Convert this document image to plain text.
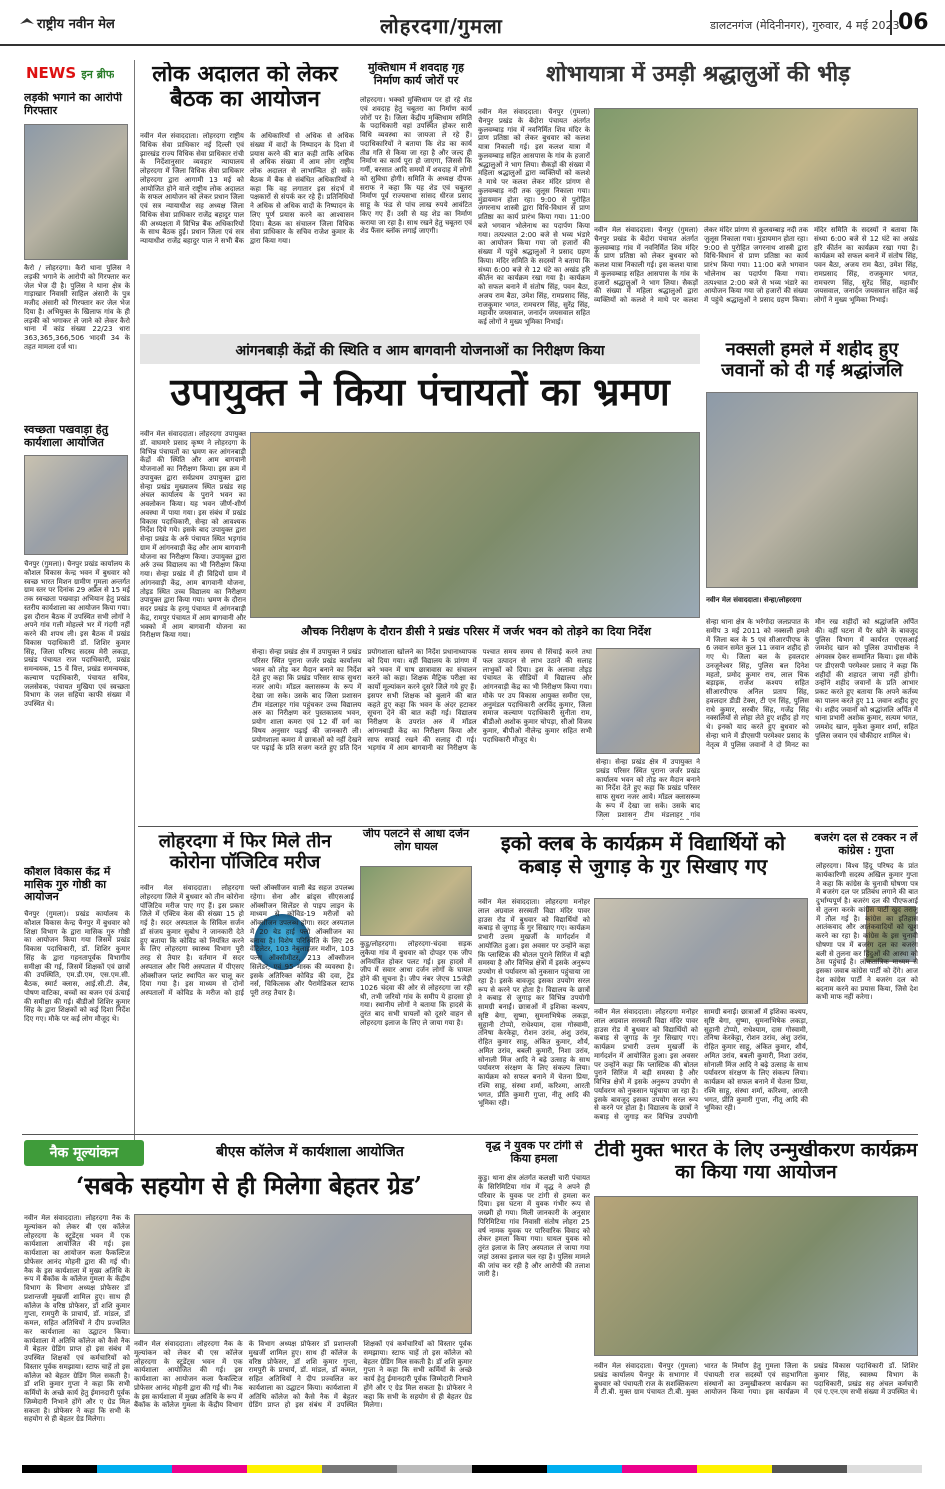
राष्ट्रीय नवीन मेल	लोहरदगा/गुमला	डालटनगंज (मेदिनीनगर), गुरुवार, 4 मई 2023
06
NEWS इन ब्रीफ
लड़की भगाने का आरोपी गिरफ्तार
कैरो / लोहरदगा। कैरो थाना पुलिस ने लड़की भगाने के आरोपी को गिरफ्तार कर जेल भेज दी है। पुलिस ने थाना क्षेत्र के गाड़ाखार निवासी साहिल अंसारी के पुत्र मजीद अंसारी को गिरफ्तार कर जेल भेज दिया है। अभियुक्त के खिलाफ गांव के ही लड़की को भगाकर ले जाने को लेकर कैरो थाना में कांड संख्या 22/23 धारा 363,365,366,506 भादवी 34 के तहत मामला दर्ज था।
स्वच्छता पखवाड़ा हेतु कार्यशाला आयोजित
चैनपुर (गुमला)। चैनपुर प्रखंड कार्यालय के कौशल विकास केन्द्र भवन में बुधवार को स्वच्छ भारत मिशन ग्रामीण गुमला अन्तर्गत ग्राम स्तर पर दिनांक 29 अप्रैल से 15 मई तक स्वच्छता पखवाड़ा अभियान हेतु प्रखंड स्तरीय कार्यशाला का आयोजन किया गया। इस दौरान बैठक में उपस्थित सभी लोगों ने अपने गांव गली मोहल्ले भर में गंदगी नहीं करने की शपथ ली। इस बैठक में प्रखंड विकास पदाधिकारी डॉ. शिशिर कुमार सिंह, जिला परिषद सदस्य मेरी लकड़ा, प्रखंड पंचायत राज पदाधिकारी, प्रखंड समन्वयक, 15 वें वित्त, प्रखंड समन्वयक, कल्याण पदाधिकारी, पंचायत सचिव, जलसेवक, पंचायत मुखिया एवं स्वच्छता विभाग के जल सहिया काफी संख्या में उपस्थित थे।
कौशल विकास केंद्र में मासिक गुरु गोष्ठी का आयोजन
चैनपुर (गुमला)। प्रखंड कार्यालय के कौशल विकास केन्द्र चैनपुर में बुधवार को शिक्षा विभाग के द्वारा मासिक गुरु गोष्ठी का आयोजन किया गया जिसमें प्रखंड विकास पदाधिकारी, डॉ. शिशिर कुमार सिंह के द्वारा गहनतापूर्वक विभागीय समीक्षा की गई, जिसमें शिक्षकों एवं छात्रों की उपस्थिति, एम.डी.एम, एस.एम.सी. बैठक, स्मार्ट क्लास, आई.सी.टी. लैब, पोषण वाटिका, बच्चों का बजन एवं ऊंचाई की समीक्षा की गई। बीडीओ शिशिर कुमार सिंह के द्वारा शिक्षकों को कई दिशा निर्देश दिए गए। मौके पर कई लोग मौजूद थे।
लोक अदालत को लेकर बैठक का आयोजन
नवीन मेल संवाददाता। लोहरदगा राष्ट्रीय विधिक सेवा प्राधिकार नई दिल्ली एवं झारखंड राज्य विधिक सेवा प्राधिकार रांची के निर्देशानुसार व्यवहार न्यायालय लोहरदगा में जिला विधिक सेवा प्राधिकार लोहरदगा द्वारा आगामी 13 मई को आयोजित होने वाले राष्ट्रीय लोक अदालत के सफल आयोजन को लेकर प्रधान जिला एवं सत्र न्यायाधीश सह अध्यक्ष जिला विधिक सेवा प्राधिकार राजेंद्र बहादुर पाल की अध्यक्षता में विभिन्न बैंक अधिकारियों के साथ बैठक हुई। प्रधान जिला एवं सत्र न्यायाधीश राजेंद्र बहादुर पाल ने सभी बैंक के अधिकारियों से अधिक से अधिक संख्या में वादों के निष्पादन के दिशा में प्रयास करने की बात कही ताकि अधिक से अधिक संख्या में आम लोग राष्ट्रीय लोक अदालत से लाभान्वित हो सकें। बैठक में बैंक से संबंधित अधिकारियों ने कहा कि वह लगातार इस संदर्भ में पक्षकारों से संपर्क कर रहे हैं। प्रतिनिधियों ने अधिक से अधिक वादों के निष्पादन के लिए पूर्ण प्रयास करने का आश्वासन दिया। बैठक का संचालन जिला विधिक सेवा प्राधिकार के सचिव राजेश कुमार के द्वारा किया गया।
मुक्तिधाम में शवदाह गृह निर्माण कार्य जोरों पर
लोहरदगा। भक्को मुक्तिधाम पर हो रहे शेड एवं शवदाह हेतु चबूतरा का निर्माण कार्य जोरों पर है। जिला केंद्रीय मुक्तिधाम समिति के पदाधिकारी वहां उपस्थित होकर सारी विधि व्यवस्था का जायजा ले रहे हैं। पदाधिकारियों ने बताया कि शेड का कार्य तीव्र गति से किया जा रहा है और जल्द ही निर्माण का कार्य पूरा हो जाएगा, जिससे कि गर्मी, बरसात आदि समयों में शवदाह में लोगों को सुविधा होगी। समिति के अध्यक्ष दीपक सराफ ने कहा कि यह शेड एवं चबूतरा निर्माण पूर्व राज्यसभा सांसद धीरज प्रसाद साहू के फंड से पांच लाख रुपये आवंटित किए गए हैं। उसी से यह शेड का निर्माण कराया जा रहा है। साथ रखने हेतु चबूतरा एवं शेड फैंसर ब्लॉक लगाई जाएगी।
शोभायात्रा में उमड़ी श्रद्धालुओं की भीड़
नवीन मेल संवाददाता। चैनपुर (गुमला) चैनपुर प्रखंड के बेंदोरा पंचायत अंतर्गत कुलवम्बाड़ गांव में नवनिर्मित शिव मंदिर के प्राण प्रतिष्ठा को लेकर बुधवार को कलश यात्रा निकाली गई। इस कलश यात्रा में कुलवम्बाड़ सहित आसपास के गांव के हजारों श्रद्धालुओं ने भाग लिया। सैकड़ों की संख्या में महिला श्रद्धालुओं द्वारा व्यक्तियों को कलशे ने माथे पर कलश लेकर मंदिर प्रांगण से कुलवम्बाड़ नदी तक जुलूस निकाला गया। मुंडायमान होता रहा। 9:00 से पुरोहित जगरनाथ शास्त्री द्वारा विधि-विधान से प्राण प्रतिष्ठा का कार्य प्रारंभ किया गया। 11:00 बजे भगवान भोलेनाथ का पदार्पण किया गया। तत्पश्चात 2:00 बजे से भव्य भंडारे का आयोजन किया गया जो हजारों की संख्या में पहुंचे श्रद्धालुओं ने प्रसाद ग्रहण किया। मंदिर समिति के सदस्यों ने बताया कि संध्या 6:00 बजे से 12 घंटे का अखंड हरि कीर्तन का कार्यक्रम रखा गया है। कार्यक्रम को सफल बनाने में संतोष सिंह, पवन बैठा, अजय राम बैठा, उमेश सिंह, रामप्रसाद सिंह, राजकुमार भगत, रामचरण सिंह, सुरेंद्र सिंह, महावीर जयसवाल, जनार्दन जयसवाल सहित कई लोगों ने मुख्य भूमिका निभाई।
नवीन मेल संवाददाता। चैनपुर (गुमला) चैनपुर प्रखंड के बेंदोरा पंचायत अंतर्गत कुलवम्बाड़ गांव में नवनिर्मित शिव मंदिर के प्राण प्रतिष्ठा को लेकर बुधवार को कलश यात्रा निकाली गई। इस कलश यात्रा में कुलवम्बाड़ सहित आसपास के गांव के हजारों श्रद्धालुओं ने भाग लिया। सैकड़ों की संख्या में महिला श्रद्धालुओं द्वारा व्यक्तियों को कलशे ने माथे पर कलश लेकर मंदिर प्रांगण से कुलवम्बाड़ नदी तक जुलूस निकाला गया। मुंडायमान होता रहा। 9:00 से पुरोहित जगरनाथ शास्त्री द्वारा विधि-विधान से प्राण प्रतिष्ठा का कार्य प्रारंभ किया गया। 11:00 बजे भगवान भोलेनाथ का पदार्पण किया गया। तत्पश्चात 2:00 बजे से भव्य भंडारे का आयोजन किया गया जो हजारों की संख्या में पहुंचे श्रद्धालुओं ने प्रसाद ग्रहण किया। मंदिर समिति के सदस्यों ने बताया कि संध्या 6:00 बजे से 12 घंटे का अखंड हरि कीर्तन का कार्यक्रम रखा गया है। कार्यक्रम को सफल बनाने में संतोष सिंह, पवन बैठा, अजय राम बैठा, उमेश सिंह, रामप्रसाद सिंह, राजकुमार भगत, रामचरण सिंह, सुरेंद्र सिंह, महावीर जयसवाल, जनार्दन जयसवाल सहित कई लोगों ने मुख्य भूमिका निभाई।
आंगनबाड़ी केंद्रों की स्थिति व आम बागवानी योजनाओं का निरीक्षण किया
उपायुक्त ने किया पंचायतों का भ्रमण
नवीन मेल संवाददाता। लोहरदगा उपायुक्त डॉ. वाघमारे प्रसाद कृष्ण ने लोहरदगा के विभिन्न पंचायतों का भ्रमण कर आंगनबाड़ी केंद्रों की स्थिति और आम बागवानी योजनाओं का निरीक्षण किया। इस क्रम में उपायुक्त द्वारा सर्वप्रथम उपायुक्त द्वारा सेन्हा प्रखंड मुख्यालय स्थित प्रखंड सह अंचल कार्यालय के पुराने भवन का अवलोकन किया। यह भवन जीर्ण-शीर्ण अवस्था में पाया गया। इस संबंध में प्रखंड विकास पदाधिकारी, सेन्हा को आवश्यक निर्देश दिये गये। इसके बाद उपायुक्त द्वारा सेन्हा प्रखंड के अर्रु पंचायत स्थित भड़गांव ग्राम में आंगनवाड़ी केंद्र और आम बागवानी योजना का निरीक्षण किया। उपायुक्त द्वारा अर्रु उच्च विद्यालय का भी निरीक्षण किया गया। सेन्हा प्रखंड में ही विद्रियों ग्राम में आंगनवाड़ी केंद्र, आम बागवानी योजना, तोइड स्थित उच्च विद्यालय का निरीक्षण उपायुक्त द्वारा किया गया। भ्रमण के दौरान सदर प्रखंड के हरमू पंचायत में आंगनबाड़ी केंद्र, रामपुर पंचायत में आम बागवानी और भक्को में आम बागवानी योजना का निरीक्षण किया गया।	औचक निरीक्षण के दौरान डीसी ने प्रखंड परिसर में जर्जर भवन को तोड़ने का दिया निर्देश
सेन्हा। सेन्हा प्रखंड क्षेत्र में उपायुक्त ने प्रखंड परिसर स्थित पुराना जर्जर प्रखंड कार्यालय भवन को तोड़ कर मैदान बनाने का निर्देश देते हुए कहा कि प्रखंड परिसर साफ सुथरा नजर आये। मॉडल क्लासरूम के रूप में देखा जा सके। उसके बाद जिला प्रशासन टीम मंडलाहर गांव पहुंचकर उच्च विद्यालय अरु का निरीक्षण कर पुस्तकालय भवन, प्रयोग शाला कमरा एवं 12 वीं वर्ग का विषय अनुसार पढ़ाई की जानकारी ली। प्रयोगशाला कमरा में छात्राओं को नहीं देखने पर पढ़ाई के प्रति सजग करते हुए प्रति दिन प्रयोगशाला खोलने का निर्देश प्रधानाध्यापक को दिया गया। वहीं विद्यालय के प्रांगण में बने भवन में घाष छात्रावास का संचालन करने को कहा। शिक्षक मैट्रिक परीक्षा का कार्यो मूल्यांकन करने दूसरे जिले गये हुए हैं। इसपर सभी शिक्षक को बुलाने की बात कहते हुए कहा कि भवन के अंदर हटाकर सूचना देने की बात कही गई। विद्यालय निरीक्षण के उपरांत अरु में मॉडल आंगनबाड़ी केंद्र का निरीक्षण किया और साफ सफाई रखने की सलाह दी गई। भड़गांव में आम बागवानी का निरीक्षण के पश्चात समय समय से सिंचाई करने तथा फल उत्पादन से लाभ उठाने की सलाह लाभुकों को दिया। इस के अलावा तोइड़ पंचायत के सीडियों में विद्यालय और आंगनवाड़ी केंद्र का भी निरीक्षण किया गया। मौके पर उप विकास आयुक्त समीरा एस, अनुमंडल पदाधिकारी अरविंद कुमार, जिला समाज कल्याण पदाधिकारी सुनीता राम, बीडीओ अशोक कुमार चोपड़ा, सीओ विजय कुमार, बीपीओ नीलेन्द्र कुमार सहित सभी पदाधिकारी मौजूद थे।
सेन्हा। सेन्हा प्रखंड क्षेत्र में उपायुक्त ने प्रखंड परिसर स्थित पुराना जर्जर प्रखंड कार्यालय भवन को तोड़ कर मैदान बनाने का निर्देश देते हुए कहा कि प्रखंड परिसर साफ सुथरा नजर आये। मॉडल क्लासरूम के रूप में देखा जा सके। उसके बाद जिला प्रशासन टीम मंडलाहर गांव
नक्सली हमले में शहीद हुए जवानों को दी गई श्रद्धांजलि
नवीन मेल संवाददाता। सेन्हा/लोहरदगा
सेन्हा थाना क्षेत्र के भर्रगोदा जलप्रपात के समीप 3 मई 2011 को नक्सली हमले में जिला बल के 5 एवं सीआरपीएफ के 6 जवान समेत कुल 11 जवान शहीद हो गए थे। जिला बल के हवलदार उनजूनेश्वर सिंह, पुलिस बल दिनेश महतो, प्रमोद कुमार राय, लाल चिक बड़ाइक, राजेश कश्यप सहित सीआरपीएफ अनिल प्रताप सिंह, हवलदार डीडी टेक्स, टी एन सिंह, पुलिस राधे कुमार, सरबीर सिंह, गजेंद्र सिंह नक्सलियों से लोहा लेते हुए शहीद हो गए थे। इनको याद करते हुए बुधवार को सेन्हा थाने में डीएसपी परमेश्वर प्रसाद के नेतृत्व में पुलिस जवानों ने दो मिनट का मौन रख शहीदों को श्रद्धांजलि अर्पित की। वहीं घटना में पैर खोने के बावजूद पुलिस विभाग में कार्यरत एएसआई जमशेद खान को पुलिस उपाधीक्षक ने अंगवस्त्र देकर सम्मानित किया। इस मौके पर डीएसपी परमेश्वर प्रसाद ने कहा कि शहीदों की शहादत जाया नहीं होगी। उन्होंने शहीद जवानों के प्रति आभार प्रकट करते हुए बताया कि अपने कर्तव्य का पालन करते हुए 11 जवान शहीद हुए थे। शहीद जवानों को श्रद्धांजलि अर्पित में थाना प्रभारी अशोक कुमार, सत्यम भगत, जमशेद खान, मुकेश कुमार शर्मा, सहित पुलिस जवान एवं चौकीदार शामिल थे।
लोहरदगा में फिर मिले तीन कोरोना पॉजिटिव मरीज
नवीन मेल संवाददाता। लोहरदगा लोहरदगा जिले में बुधवार को तीन कोरोना पॉजिटिव मरीज पाए गए हैं। इस प्रकार जिले में एक्टिव केस की संख्या 15 हो गई है। सदर अस्पताल के सिविल सर्जन डॉ संजय कुमार सुबोध ने जानकारी देते हुए बताया कि कोविड को नियंत्रित करने के लिए लोहरदगा स्वास्थ्य विभाग पूरी तरह से तैयार है। वर्तमान में सदर अस्पताल और चिरी अस्पताल में पीएसए ऑक्सीजन प्लांट स्थापित कर चालू कर दिया गया है। इस माध्यम से दोनों अस्पतालों में कोविड के मरीज को हाई फ्लो ऑक्सीजन वाली बेड सहज उपलब्ध रहेगा। सेना और ब्रांड्स सीएसआई ऑक्सीजन सिलेंडर से पाइप लाइन के माध्यम से कोविड-19 मरीजों को ऑक्सीजन उपलब्ध होगा। सदर अस्पताल में 20 बेड हाई फ्लो ऑक्सीजन का बनाया है। विशेष परिस्थिति के लिए 26 वेंटिलेटर, 103 नेबुलाइजर मशीन, 103 पल्स ऑक्सीमीटर, 213 ऑक्सीजन सिलेंडर, एवं 95 मास्क की व्यवस्था है। इसके अतिरिक्त कोविड की दवा, ट्रेंड नर्स, चिकित्सक और पैरामेडिकल स्टाफ पूरी तरह तैयार है।
जीप पलटने से आधा दर्जन लोग घायल
कुडु/लोहरदगा। लोहरदगा-चंदवा सड़क लुकैया गांव में बुधवार को दोपहर एक जीप अनियंत्रित होकर पलट गई। इस हादसे में जीप में सवार आधा दर्जन लोगों के घायल होने की सूचना है। जीप नंबर जेएच 15जेड़ी 1026 चंदवा की ओर से लोहरदगा जा रही थी, तभी जरियो गांव के समीप ये हादसा हो गया। स्थानीय लोगों ने बताया कि हादसे के तुरंत बाद सभी घायलों को दूसरे वाहन से लोहरदगा इलाज के लिए ले जाया गया है।
इको क्लब के कार्यक्रम में विद्यार्थियों को कबाड़ से जुगाड़ के गुर सिखाए गए
नवीन मेल संवाददाता। लोहरदगा मनोहर लाल अग्रवाल सरस्वती विद्या मंदिर पावर हाउस रोड में बुधवार को विद्यार्थियों को कबाड़ से जुगाड़ के गुर सिखाए गए। कार्यक्रम प्रभारी उत्तम मुखर्जी के मार्गदर्शन में आयोजित हुआ। इस अवसर पर उन्होंने कहा कि प्लास्टिक की बोतल पुराने सिरिंज में बड़ी समस्या है और विभिन्न क्षेत्रों में इसके अनुरूप उपयोग से पर्यावरण को नुकसान पहुंचाया जा रहा है। इसके बावजूद इसका उपयोग सरल रूप से करने पर होता है। विद्यालय के छात्रों ने कबाड़ से जुगाड़ कर विभिन्न उपयोगी सामग्री बनाईं। छात्राओं में इशिका कश्यप, सृष्टि बेगा, सुष्मा, सुमनाभिषेक लकड़ा, सुहानी टोप्पो, राधेश्याम, दास गोस्वामी, तनिषा केरकेट्टा, रोशन उरांव, अंशु उरांव, रोहित कुमार साहू, अंकित कुमार, शौर्य, अमित उरांव, बबली कुमारी, निशा उरांव, सोनाली मिंज आदि ने बढ़े उत्साह के साथ पर्यावरण संरक्षण के लिए संकल्प लिया। कार्यक्रम को सफल बनाने में चेतना प्रिया, रश्मि साहू, संस्था शर्मा, करिश्मा, आरती भगत, प्रीति कुमारी गुप्ता, नीतू आदि की भूमिका रही।
नवीन मेल संवाददाता। लोहरदगा मनोहर लाल अग्रवाल सरस्वती विद्या मंदिर पावर हाउस रोड में बुधवार को विद्यार्थियों को कबाड़ से जुगाड़ के गुर सिखाए गए। कार्यक्रम प्रभारी उत्तम मुखर्जी के मार्गदर्शन में आयोजित हुआ। इस अवसर पर उन्होंने कहा कि प्लास्टिक की बोतल पुराने सिरिंज में बड़ी समस्या है और विभिन्न क्षेत्रों में इसके अनुरूप उपयोग से पर्यावरण को नुकसान पहुंचाया जा रहा है। इसके बावजूद इसका उपयोग सरल रूप से करने पर होता है। विद्यालय के छात्रों ने कबाड़ से जुगाड़ कर विभिन्न उपयोगी सामग्री बनाईं। छात्राओं में इशिका कश्यप, सृष्टि बेगा, सुष्मा, सुमनाभिषेक लकड़ा, सुहानी टोप्पो, राधेश्याम, दास गोस्वामी, तनिषा केरकेट्टा, रोशन उरांव, अंशु उरांव, रोहित कुमार साहू, अंकित कुमार, शौर्य, अमित उरांव, बबली कुमारी, निशा उरांव, सोनाली मिंज आदि ने बढ़े उत्साह के साथ पर्यावरण संरक्षण के लिए संकल्प लिया। कार्यक्रम को सफल बनाने में चेतना प्रिया, रश्मि साहू, संस्था शर्मा, करिश्मा, आरती भगत, प्रीति कुमारी गुप्ता, नीतू आदि की भूमिका रही।
बजरंग दल से टक्कर न लें कांग्रेस : गुप्ता
लोहरदगा। विश्व हिंदू परिषद के प्रांत कार्यकारिणी सदस्य अखिल कुमार गुप्ता ने कहा कि कांग्रेस के चुनावी घोषणा पत्र में बजरंग दल पर प्रतिबंध लगाने की बात दुर्भाग्यपूर्ण है। बजरंग दल की पीएफआई से तुलना करके कांग्रेस पार्टी खुद तराजू में तौल गई है। कांग्रेस का इतिहास आतंकवाद और आतंकवादियों को खुश करने का रहा है। कांग्रेस के इस चुनावी घोषणा पत्र में बजरंग दल का बजरंग बली से तुलना कर हिंदुओं की आस्था को ठेस पहुंचाई है। लोकतांत्रिक माध्यम से इसका जवाब कांग्रेस पार्टी को देंगे। आज देश कांग्रेस पार्टी ने बजरंग दल को बदनाम करने का प्रयास किया, जिसे देश कभी माफ नहीं करेगा।
नैक मूल्यांकन	बीएस कॉलेज में कार्यशाला आयोजित
‘सबके सहयोग से ही मिलेगा बेहतर ग्रेड’
नवीन मेल संवाददाता। लोहरदगा नैक के मूल्यांकन को लेकर बी एस कॉलेज लोहरदगा के स्टूडेंट्स भवन में एक कार्यशाला आयोजित की गई। इस कार्यशाला का आयोजन कला फैकल्टिज प्रोफेसर आनंद मोहनी द्वारा की गई थी। नैक के इस कार्यशाला में मुख्य अतिथि के रूप में बैंकॉक के कॉलेज गुमला के केंद्रीय विभाग के विभाग अध्यक्ष प्रोफेसर डॉ प्रशान्तजी मुखर्जी शामिल हुए। साथ ही कॉलेज के वरिष्ठ प्रोफेसर, डॉ शशि कुमार गुप्ता, रामपुरी के प्राचार्य, डॉ. मांडल, डॉ कमल, सहित अतिथियों ने दीप प्रज्वलित कर कार्यशाला का उद्घाटन किया। कार्यशाला में अतिथि कॉलेज को कैसे नैक में बेहतर ग्रेडिंग प्राप्त हो इस संबंध में उपस्थित शिक्षकों एवं कर्मचारियों को विस्तार पूर्वक समझाया। स्टाफ चाहें तो इस कॉलेज को बेहतर ग्रेडिंग मिल सकती है। डॉ शशि कुमार गुप्ता ने कहा कि सभी कर्मियों के अच्छे कार्य हेतु ईमानदारी पूर्वक जिम्मेदारी निभाने होंगे और ए ग्रेड मिल सकता है। प्रोफेसर ने कहा कि सभी के सहयोग से ही बेहतर ग्रेड मिलेगा।
नवीन मेल संवाददाता। लोहरदगा नैक के मूल्यांकन को लेकर बी एस कॉलेज लोहरदगा के स्टूडेंट्स भवन में एक कार्यशाला आयोजित की गई। इस कार्यशाला का आयोजन कला फैकल्टिज प्रोफेसर आनंद मोहनी द्वारा की गई थी। नैक के इस कार्यशाला में मुख्य अतिथि के रूप में बैंकॉक के कॉलेज गुमला के केंद्रीय विभाग के विभाग अध्यक्ष प्रोफेसर डॉ प्रशान्तजी मुखर्जी शामिल हुए। साथ ही कॉलेज के वरिष्ठ प्रोफेसर, डॉ शशि कुमार गुप्ता, रामपुरी के प्राचार्य, डॉ. मांडल, डॉ कमल, सहित अतिथियों ने दीप प्रज्वलित कर कार्यशाला का उद्घाटन किया। कार्यशाला में अतिथि कॉलेज को कैसे नैक में बेहतर ग्रेडिंग प्राप्त हो इस संबंध में उपस्थित शिक्षकों एवं कर्मचारियों को विस्तार पूर्वक समझाया। स्टाफ चाहें तो इस कॉलेज को बेहतर ग्रेडिंग मिल सकती है। डॉ शशि कुमार गुप्ता ने कहा कि सभी कर्मियों के अच्छे कार्य हेतु ईमानदारी पूर्वक जिम्मेदारी निभाने होंगे और ए ग्रेड मिल सकता है। प्रोफेसर ने कहा कि सभी के सहयोग से ही बेहतर ग्रेड मिलेगा।
वृद्ध ने युवक पर टांगी से किया हमला
कुडु। थाना क्षेत्र अंतर्गत कलक्षी चारी पंचायत के सिरिमिटिया गांव में वृद्ध ने अपने ही परिवार के युवक पर टांगी से हमला कर दिया। इस घटना में युवक गंभीर रूप से जख्मी हो गया। मिली जानकारी के अनुसार पिरिमिटिया गांव निवासी संतोष लोहरा 25 वर्ष नामक युवक पर पारिवारिक विवाद को लेकर हमला किया गया। घायल युवक को तुरंत इलाज के लिए अस्पताल ले जाया गया जहां उसका इलाज चल रहा है। पुलिस मामले की जांच कर रही है और आरोपी की तलाश जारी है।
टीवी मुक्त भारत के लिए उन्मुखीकरण कार्यक्रम का किया गया आयोजन
नवीन मेल संवाददाता। चैनपुर (गुमला) प्रखंड कार्यालय चैनपुर के सभागार में बुधवार को पंचायती राज के सशक्तिकरण में टी.बी. मुक्त ग्राम पंचायत टी.बी. मुक्त भारत के निर्माण हेतु गुमला जिला के पंचायती राज सदस्यों एवं सहभागिता संस्थानों का उन्मुखीकरण कार्यक्रम का आयोजन किया गया। इस कार्यक्रम में प्रखंड विकास पदाधिकारी डॉ. शिशिर कुमार सिंह, स्वास्थ्य विभाग के पदाधिकारी, प्रखंड सह अंचल कर्मचारी एवं ए.एन.एम सभी संख्या में उपस्थित थे।
